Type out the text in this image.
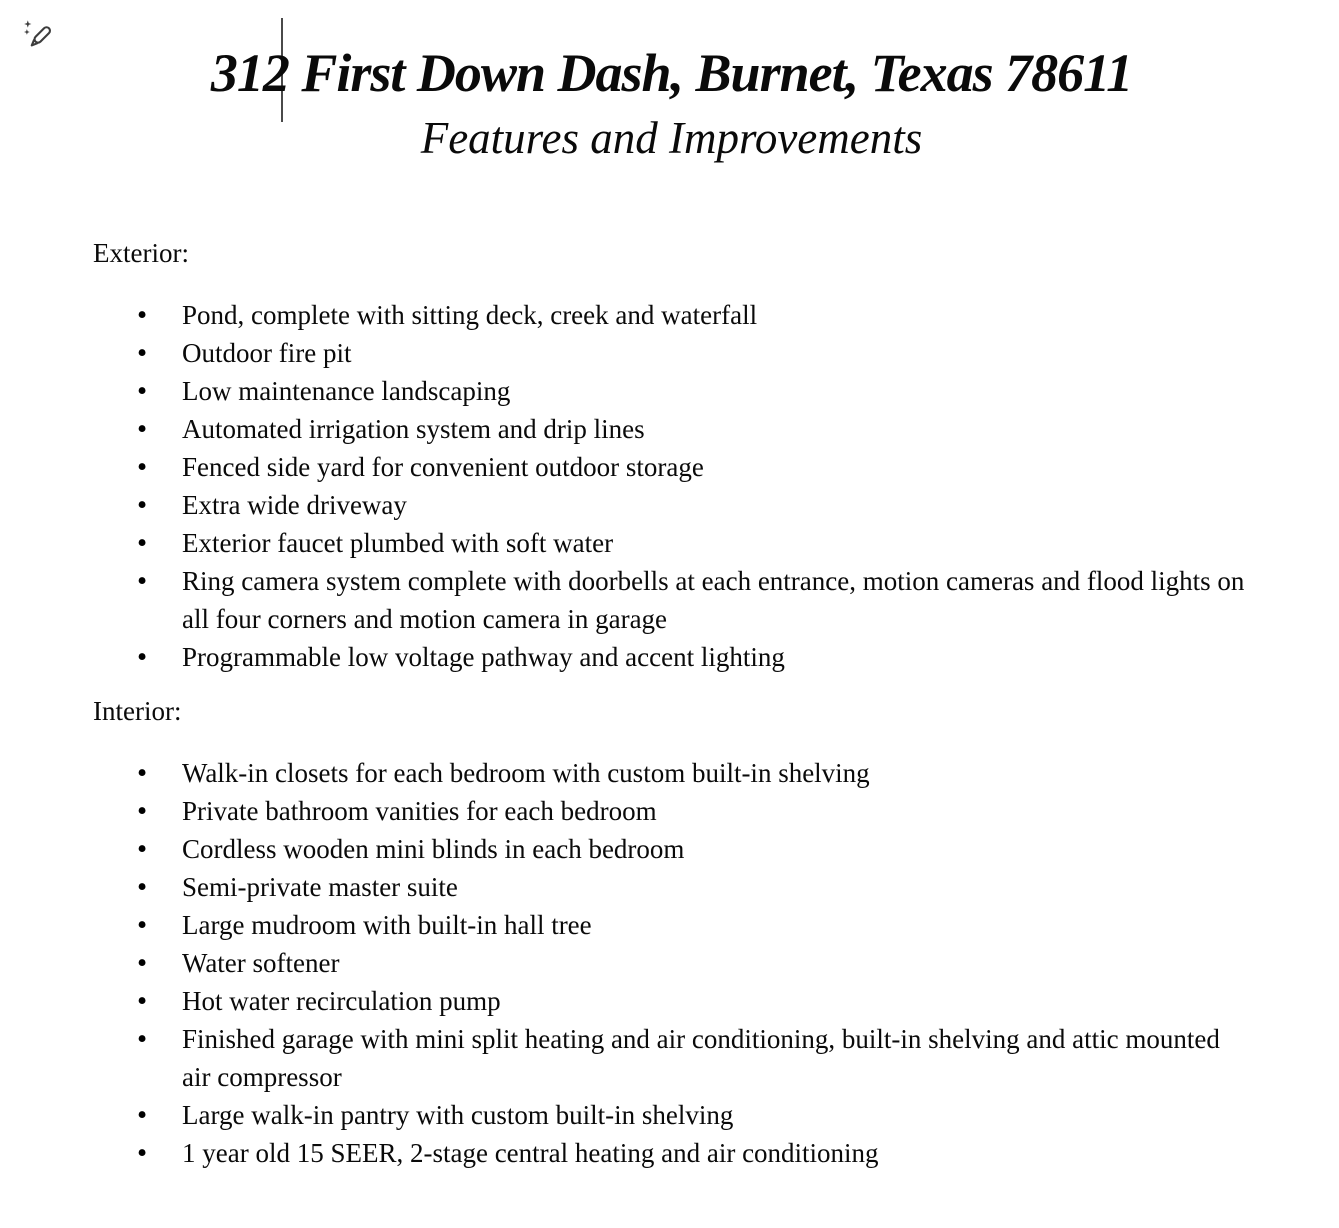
312 First Down Dash, Burnet, Texas 78611
Features and Improvements
Exterior:
• Pond, complete with sitting deck, creek and waterfall
• Outdoor fire pit
• Low maintenance landscaping
• Automated irrigation system and drip lines
• Fenced side yard for convenient outdoor storage
• Extra wide driveway
• Exterior faucet plumbed with soft water
• Ring camera system complete with doorbells at each entrance, motion cameras and flood lights on all four corners and motion camera in garage
• Programmable low voltage pathway and accent lighting
Interior:
• Walk-in closets for each bedroom with custom built-in shelving
• Private bathroom vanities for each bedroom
• Cordless wooden mini blinds in each bedroom
• Semi-private master suite
• Large mudroom with built-in hall tree
• Water softener
• Hot water recirculation pump
• Finished garage with mini split heating and air conditioning, built-in shelving and attic mounted air compressor
• Large walk-in pantry with custom built-in shelving
• 1 year old 15 SEER, 2-stage central heating and air conditioning
